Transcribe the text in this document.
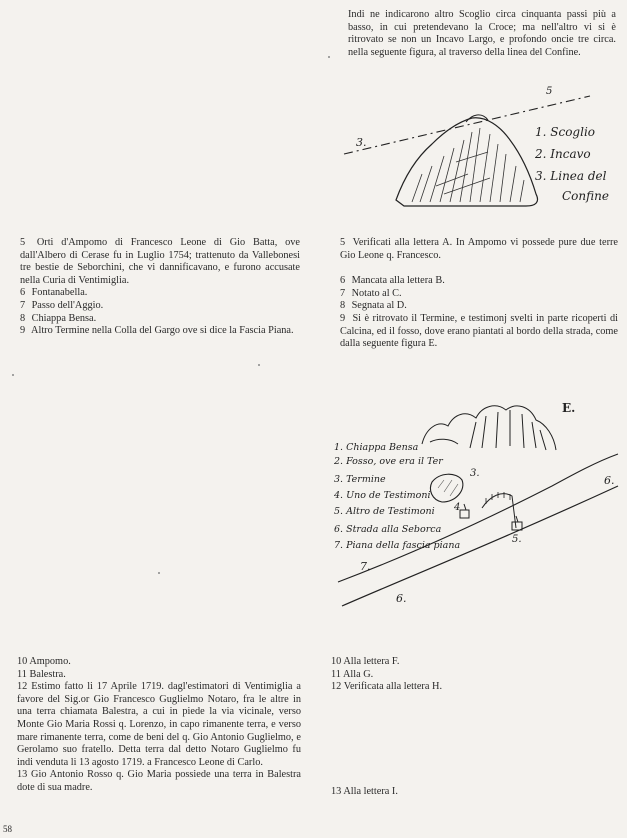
Indi ne indicarono altro Scoglio circa cinquanta passi più a basso, in cui pretendevano la Croce; ma nell'altro vi si è ritrovato se non un Incavo Largo, e profondo oncie tre circa. nella seguente figura, al traverso della linea del Confine.

5
3.
1. Scoglio
2. Incavo
3. Linea del
Confine

5 Orti d'Ampomo di Francesco Leone di Gio Batta, ove dall'Albero di Cerase fu in Luglio 1754; trattenuto da Vallebonesi tre bestie de Seborchini, che vi dannificavano, e furono accusate nella Curia di Ventimiglia.

6 Fontanabella.

7 Passo dell'Aggio.

8 Chiappa Bensa.

9 Altro Termine nella Colla del Gargo ove si dice la Fascia Piana.

5 Verificati alla lettera A. In Ampomo vi possede pure due terre Gio Leone q. Francesco.

6 Mancata alla lettera B.

7 Notato al C.

8 Segnata al D.

9 Si è ritrovato il Termine, e testimonj svelti in parte ricoperti di Calcina, ed il fosso, dove erano piantati al bordo della strada, come dalla seguente figura E.

E.
1. Chiappa Bensa
2. Fosso, ove era il Ter
3. Termine
4. Uno de Testimoni
5. Altro de Testimoni
6. Strada alla Seborca
7. Piana della fascia piana
3.
4
5.
6.
6.
7.

10 Ampomo.

11 Balestra.

12 Estimo fatto li 17 Aprile 1719. dagl'estimatori di Ventimiglia a favore del Sig.or Gio Francesco Guglielmo Notaro, fra le altre in una terra chiamata Balestra, a cui in piede la via vicinale, verso Monte Gio Maria Rossi q. Lorenzo, in capo rimanente terra, e verso mare rimanente terra, come de beni del q. Gio Antonio Guglielmo, e Gerolamo suo fratello. Detta terra dal detto Notaro Guglielmo fu indi venduta li 13 agosto 1719. a Francesco Leone di Carlo.

13 Gio Antonio Rosso q. Gio Maria possiede una terra in Balestra dote di sua madre.

10 Alla lettera F.

11 Alla G.

12 Verificata alla lettera H.

13 Alla lettera I.

58
